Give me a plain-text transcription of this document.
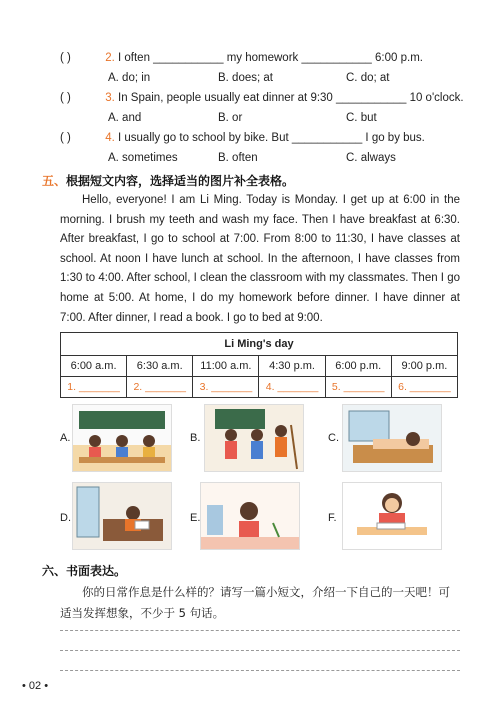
( )	2. I often ___________ my homework ___________ 6:00 p.m.
A. do; in	B. does; at	C. do; at
( )	3. In Spain, people usually eat dinner at 9:30 ___________ 10 o'clock.
A. and	B. or	C. but
( )	4. I usually go to school by bike. But ___________ I go by bus.
A. sometimes	B. often	C. always
五、根据短文内容，选择适当的图片补全表格。

Hello, everyone! I am Li Ming. Today is Monday. I get up at 6:00 in the morning. I brush my teeth and wash my face. Then I have breakfast at 6:30. After breakfast, I go to school at 7:00. From 8:00 to 11:30, I have classes at school. At noon I have lunch at school. In the afternoon, I have classes from 1:30 to 4:00. After school, I clean the classroom with my classmates. Then I go home at 5:00. At home, I do my homework before dinner. I have dinner at 7:00. After dinner, I read a book. I go to bed at 9:00.

Li Ming's day					
6:00 a.m.	6:30 a.m.	11:00 a.m.	4:30 p.m.	6:00 p.m.	9:00 p.m.
1. _______	2. _______	3. _______	4. _______	5. _______	6. _______
A.	B.	C.
D.	E.	F.
六、书面表达。
你的日常作息是什么样的？请写一篇小短文，介绍一下自己的一天吧！可适当发挥想象，不少于 5 句话。
• 02 •
